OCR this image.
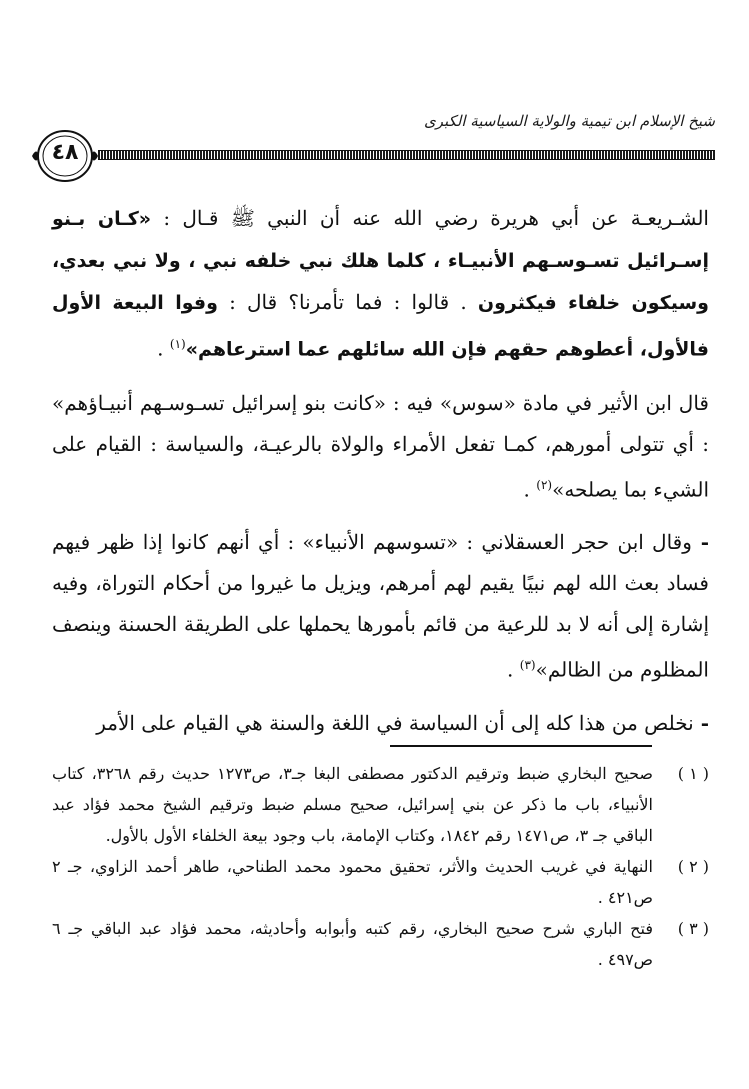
شيخ الإسلام ابن تيمية والولاية السياسية الكبرى
٤٨

الشـريعـة عن أبي هريرة رضي الله عنه أن النبي ﷺ قـال : «كـان بـنو إسـرائيل تسـوسـهم الأنبيـاء ، كلما هلك نبي خلفه نبي ، ولا نبي بعدي، وسيكون خلفاء فيكثرون . قالوا : فما تأمرنا؟ قال : وفوا البيعة الأول فالأول، أعطوهم حقهم فإن الله سائلهم عما استرعاهم»$^{(١)}$ .

قال ابن الأثير في مادة «سوس» فيه : «كانت بنو إسرائيل تسـوسـهم أنبيـاؤهم» : أي تتولى أمورهم، كمـا تفعل الأمراء والولاة بالرعيـة، والسياسة : القيام على الشيء بما يصلحه»$^{(٢)}$ .

- وقال ابن حجر العسقلاني : «تسوسهم الأنبياء» : أي أنهم كانوا إذا ظهر فيهم فساد بعث الله لهم نبيًا يقيم لهم أمرهم، ويزيل ما غيروا من أحكام التوراة، وفيه إشارة إلى أنه لا بد للرعية من قائم بأمورها يحملها على الطريقة الحسنة وينصف المظلوم من الظالم»$^{(٣)}$ .

- نخلص من هذا كله إلى أن السياسة في اللغة والسنة هي القيام على الأمر

( ١ )
صحيح البخاري ضبط وترقيم الدكتور مصطفى البغا جـ٣، ص١٢٧٣ حديث رقم ٣٢٦٨، كتاب الأنبياء، باب ما ذكر عن بني إسرائيل، صحيح مسلم ضبط وترقيم الشيخ محمد فؤاد عبد الباقي جـ ٣، ص١٤٧١ رقم ١٨٤٢، وكتاب الإمامة، باب وجود بيعة الخلفاء الأول بالأول.
( ٢ )
النهاية في غريب الحديث والأثر، تحقيق محمود محمد الطناحي، طاهر أحمد الزاوي، جـ ٢ ص٤٢١ .
( ٣ )
فتح الباري شرح صحيح البخاري، رقم كتبه وأبوابه وأحاديثه، محمد فؤاد عبد الباقي جـ ٦ ص٤٩٧ .
